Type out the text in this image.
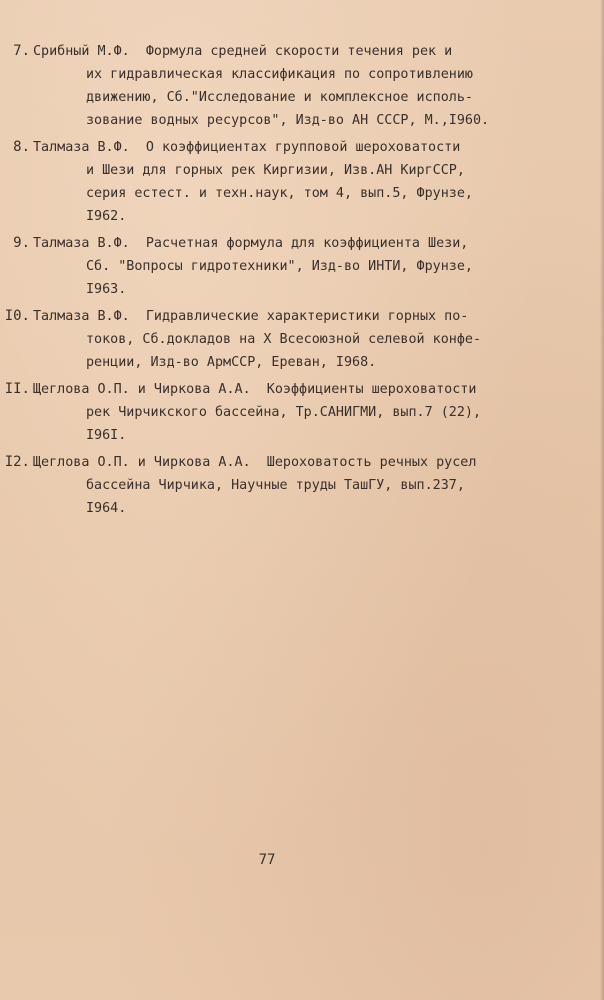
7. Срибный М.Ф.  Формула средней скорости течения рек и
их гидравлическая классификация по сопротивлению
движению, Сб."Исследование и комплексное исполь-
зование водных ресурсов", Изд-во АН СССР, М.,I960.
8. Талмаза В.Ф.  О коэффициентах групповой шероховатости
и Шези для горных рек Киргизии, Изв.АН КиргССР,
серия естест. и техн.наук, том 4, вып.5, Фрунзе,
I962.
9. Талмаза В.Ф.  Расчетная формула для коэффициента Шези,
Сб. "Вопросы гидротехники", Изд-во ИНТИ, Фрунзе,
I963.
I0. Талмаза В.Ф.  Гидравлические характеристики горных по-
токов, Сб.докладов на X Всесоюзной селевой конфе-
ренции, Изд-во АрмССР, Ереван, I968.
II. Щеглова О.П. и Чиркова А.А.  Коэффициенты шероховатости
рек Чирчикского бассейна, Тр.САНИГМИ, вып.7 (22),
I96I.
I2. Щеглова О.П. и Чиркова А.А.  Шероховатость речных русел
бассейна Чирчика, Научные труды ТашГУ, вып.237,
I964.
77
